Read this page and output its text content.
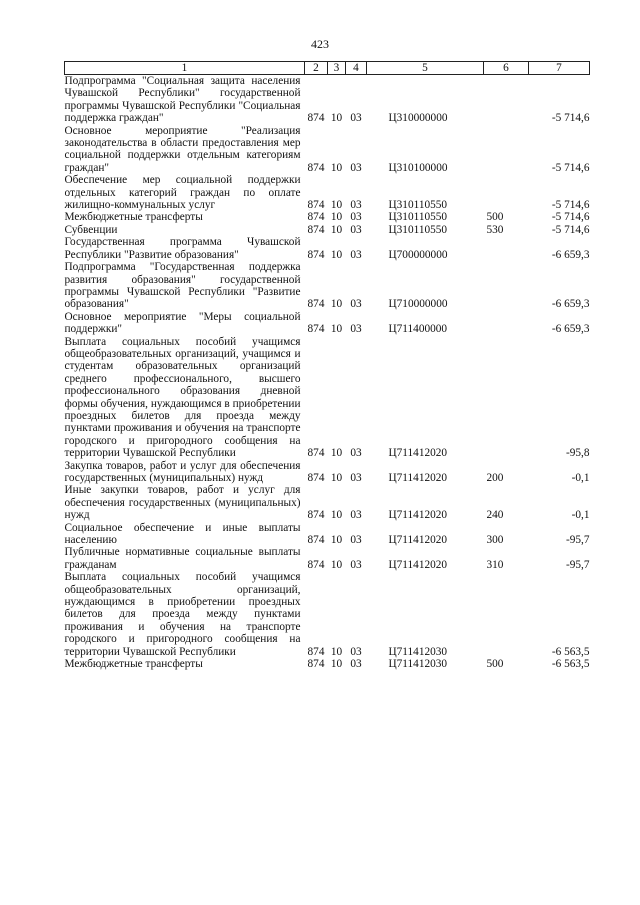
423
1	2	3	4	5	6	7

Подпрограмма "Социальная защита населения Чувашской Республики" государственной программы Чувашской Республики "Социальная поддержка граждан"	874	10	03	Ц310000000		-5 714,6

Основное мероприятие "Реализация законодательства в области предоставления мер социальной поддержки отдельным категориям граждан"	874	10	03	Ц310100000		-5 714,6

Обеспечение мер социальной поддержки отдельных категорий граждан по оплате жилищно-коммунальных услуг	874	10	03	Ц310110550		-5 714,6

Межбюджетные трансферты	874	10	03	Ц310110550	500	-5 714,6

Субвенции	874	10	03	Ц310110550	530	-5 714,6

Государственная программа Чувашской Республики "Развитие образования"	874	10	03	Ц700000000		-6 659,3

Подпрограмма "Государственная поддержка развития образования" государственной программы Чувашской Республики "Развитие образования"	874	10	03	Ц710000000		-6 659,3

Основное мероприятие "Меры социальной поддержки"	874	10	03	Ц711400000		-6 659,3

Выплата социальных пособий учащимся общеобразовательных организаций, учащимся и студентам образовательных организаций среднего профессионального, высшего профессионального образования дневной формы обучения, нуждающимся в приобретении проездных билетов для проезда между пунктами проживания и обучения на транспорте городского и пригородного сообщения на территории Чувашской Республики	874	10	03	Ц711412020		-95,8

Закупка товаров, работ и услуг для обеспечения государственных (муниципальных) нужд	874	10	03	Ц711412020	200	-0,1

Иные закупки товаров, работ и услуг для обеспечения государственных (муниципальных) нужд	874	10	03	Ц711412020	240	-0,1

Социальное обеспечение и иные выплаты населению	874	10	03	Ц711412020	300	-95,7

Публичные нормативные социальные выплаты гражданам	874	10	03	Ц711412020	310	-95,7

Выплата социальных пособий учащимся общеобразовательных организаций, нуждающимся в приобретении проездных билетов для проезда между пунктами проживания и обучения на транспорте городского и пригородного сообщения на территории Чувашской Республики	874	10	03	Ц711412030		-6 563,5

Межбюджетные трансферты	874	10	03	Ц711412030	500	-6 563,5
